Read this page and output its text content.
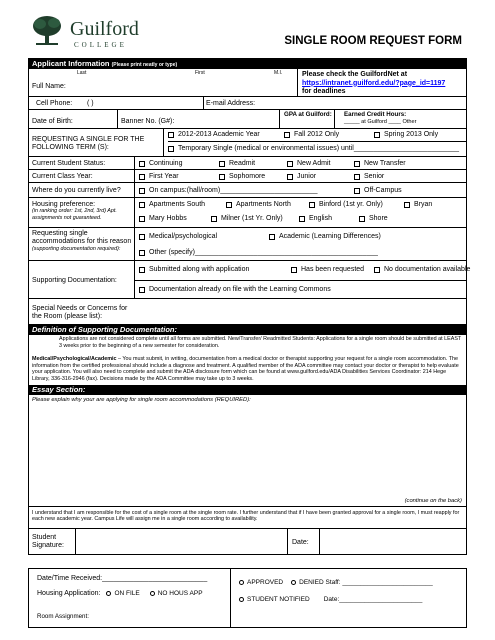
Guilford
COLLEGE	SINGLE ROOM REQUEST FORM
Applicant Information (Please print neatly or type)
Last	First	M.I.
Full Name:
Please check the GuilfordNet at
https://intranet.guilford.edu/?page_id=1197
for deadlines
Cell Phone: ( )	E-mail Address:
Date of Birth:	Banner No. (G#):
GPA at Guilford: Earned Credit Hours:
_____ at Guilford ____ Other
REQUESTING A SINGLE FOR THE FOLLOWING TERM (S):
2012-2013 Academic Year	Fall 2012 Only	Spring 2013 Only
Temporary Single (medical or environmental issues) until___________________________
Current Student Status:	Continuing	Readmit	New Admit	New Transfer
Current Class Year:	First Year	Sophomore	Junior	Senior
Where do you currently live?	On campus:(hall/room)_________________________	Off-Campus
Housing preference:
(in ranking order: 1st, 2nd, 3rd) Apt. assignments not guaranteed.
Apartments South	Apartments North	Binford (1st yr. Only)	Bryan
Mary Hobbs	Milner (1st Yr. Only)	English	Shore
Requesting single accommodations for this reason
(supporting documentation required):
Medical/psychological	Academic (Learning Differences)
Other (specify)_______________________________________________
Supporting Documentation:
Submitted along with application	Has been requested	No documentation available
Documentation already on file with the Learning Commons
Special Needs or Concerns for the Room (please list):
Definition of Supporting Documentation:
Applications are not considered complete until all forms are submitted. New/Transfer/ Readmitted Students: Applications for a single room should be submitted at LEAST 3 weeks prior to the beginning of a new semester for consideration.
Medical/Psychological/Academic – You must submit, in writing, documentation from a medical doctor or therapist supporting your request for a single room accommodation. The information from the certified professional should include a diagnose and treatment. A qualified member of the ADA committee may contact your doctor or therapist to help evaluate your application. You will also need to complete and submit the ADA disclosure form which can be found at www.guilford.edu/ADA Disabilities Services Coordinator: 214 Hege Library, 336-316-2946 (fax). Decisions made by the ADA Committee may take up to 3 weeks.
Essay Section:
Please explain why your are applying for single room accommodations (REQUIRED):
(continue on the back)
I understand that I am responsible for the cost of a single room at the single room rate. I further understand that if I have been granted approval for a single room, I must reapply for each new academic year. Campus Life will assign me in a single room according to availability.
Student Signature:	Date:
Date/Time Received:___________________________
Housing Application: ON FILE	NO HOUS APP
Room Assignment:
APPROVED DENIED Staff: _________________________
STUDENT NOTIFIED Date:_______________________
